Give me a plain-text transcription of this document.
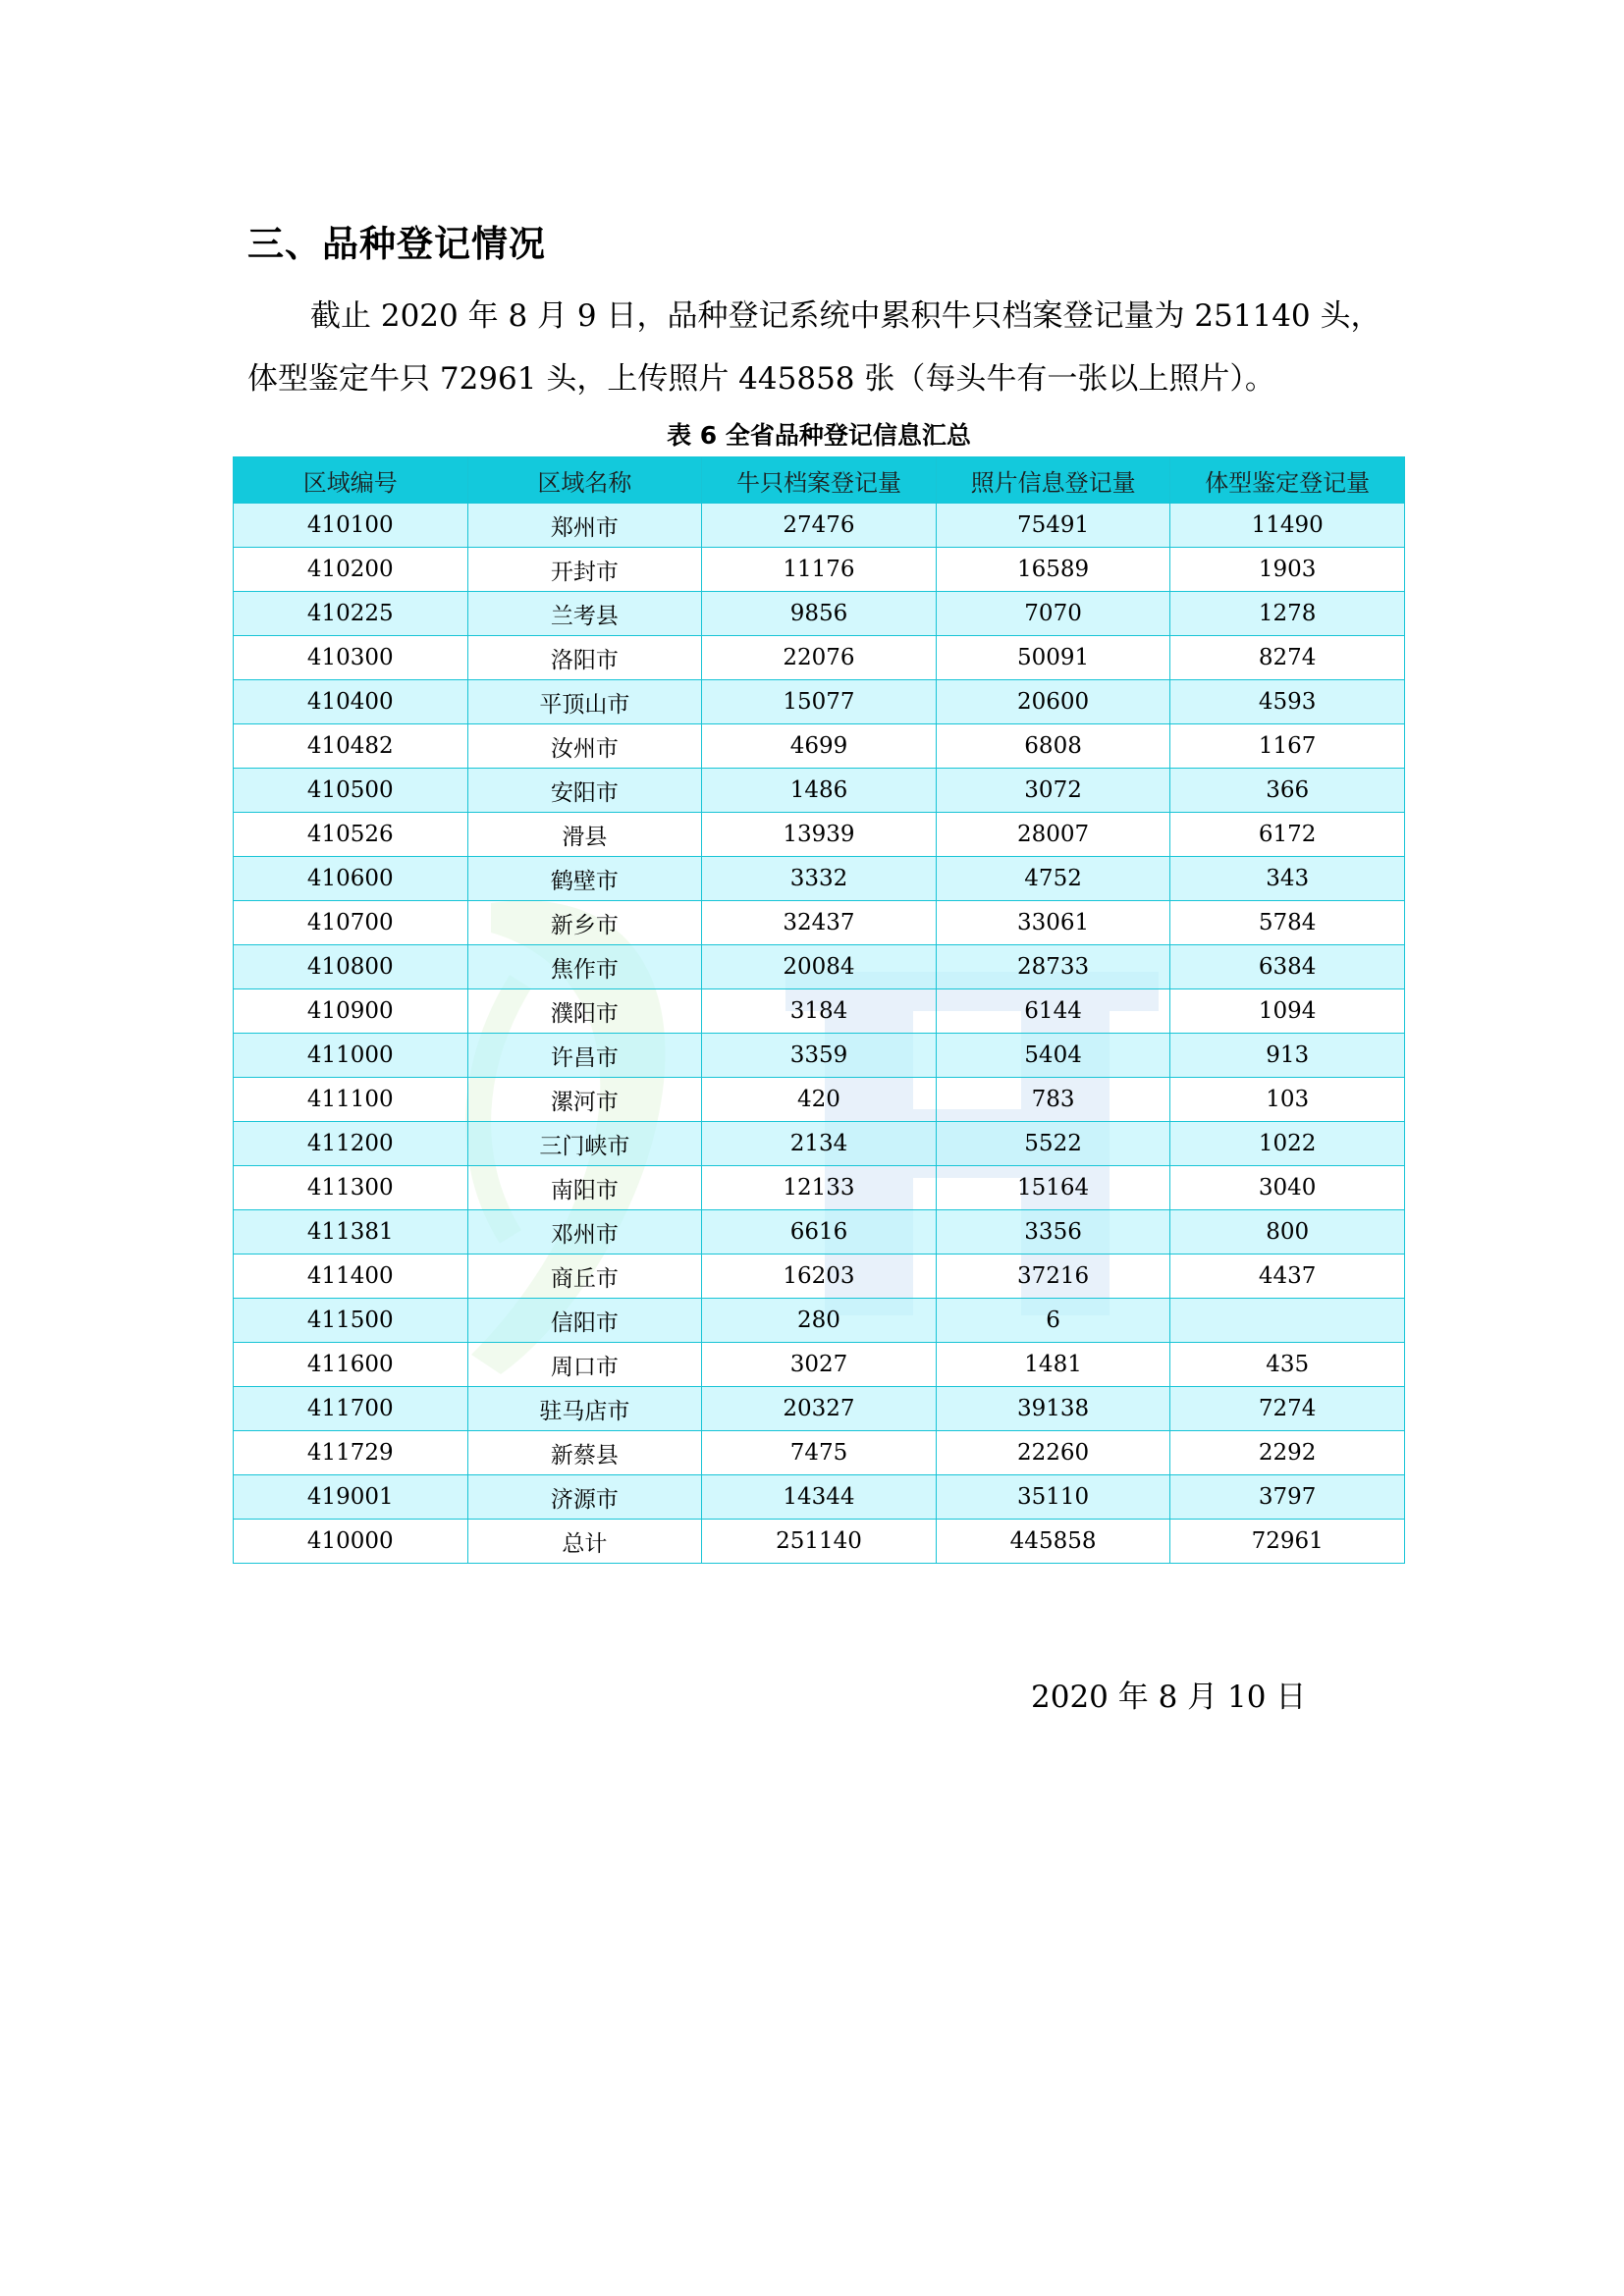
三、品种登记情况
截止 2020 年 8 月 9 日，品种登记系统中累积牛只档案登记量为 251140 头，
体型鉴定牛只 72961 头，上传照片 445858 张（每头牛有一张以上照片）。
表 6 全省品种登记信息汇总
区域编号	区域名称	牛只档案登记量	照片信息登记量	体型鉴定登记量
410100	郑州市	27476	75491	11490
410200	开封市	11176	16589	1903
410225	兰考县	9856	7070	1278
410300	洛阳市	22076	50091	8274
410400	平顶山市	15077	20600	4593
410482	汝州市	4699	6808	1167
410500	安阳市	1486	3072	366
410526	滑县	13939	28007	6172
410600	鹤壁市	3332	4752	343
410700	新乡市	32437	33061	5784
410800	焦作市	20084	28733	6384
410900	濮阳市	3184	6144	1094
411000	许昌市	3359	5404	913
411100	漯河市	420	783	103
411200	三门峡市	2134	5522	1022
411300	南阳市	12133	15164	3040
411381	邓州市	6616	3356	800
411400	商丘市	16203	37216	4437
411500	信阳市	280	6	
411600	周口市	3027	1481	435
411700	驻马店市	20327	39138	7274
411729	新蔡县	7475	22260	2292
419001	济源市	14344	35110	3797
410000	总计	251140	445858	72961
2020 年 8 月 10 日
